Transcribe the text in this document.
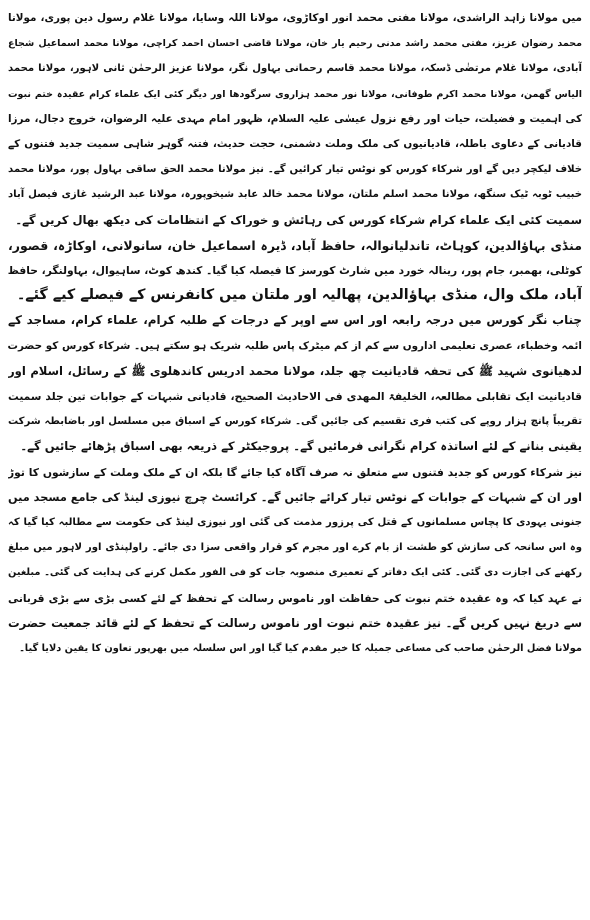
میں مولانا زاہد الراشدی، مولانا مفتی محمد انور اوکاڑوی، مولانا اللہ وسایا، مولانا غلام رسول دین پوری، مولانا
محمد رضوان عزیز، مفتی محمد راشد مدنی رحیم یار خان، مولانا قاضی احسان احمد کراچی، مولانا محمد اسماعیل شجاع
آبادی، مولانا غلام مرتضٰی ڈسکہ، مولانا محمد قاسم رحمانی بہاول نگر، مولانا عزیز الرحمٰن ثانی لاہور، مولانا محمد
الیاس گھمن، مولانا محمد اکرم طوفانی، مولانا نور محمد ہزاروی سرگودھا اور دیگر کئی ایک علماء کرام عقیدہ ختم نبوت
کی اہمیت و فضیلت، حیات اور رفع نزول عیسٰی علیہ السلام، ظہور امام مہدی علیہ الرضوان، خروج دجال، مرزا
قادیانی کے دعاوی باطلہ، قادیانیوں کی ملک وملت دشمنی، حجت حدیث، فتنہ گوہر شاہی سمیت جدید فتنوں کے
خلاف لیکچر دیں گے اور شرکاء کورس کو نوٹس تیار کرائیں گے۔ نیز مولانا محمد الحق ساقی بہاول پور، مولانا محمد
خبیب ٹوبہ ٹیک سنگھ، مولانا محمد اسلم ملتان، مولانا محمد خالد عابد شیخوپورہ، مولانا عبد الرشید غازی فیصل آباد
سمیت کئی ایک علماء کرام شرکاء کورس کی رہائش و خوراک کے انتظامات کی دیکھ بھال کریں گے۔
منڈی بہاؤالدین، کوہاٹ، تاندلیانوالہ، حافظ آباد، ڈیرہ اسماعیل خان، سانولانی، اوکاڑہ، قصور،
کوٹلی، بھمبر، جام پور، رینالہ خورد میں شارٹ کورسز کا فیصلہ کیا گیا۔ کندھ کوٹ، ساہیوال، بہاولنگر، حافظ
آباد، ملک وال، منڈی بہاؤالدین، پھالیہ اور ملتان میں کانفرنس کے فیصلے کیے گئے۔
چناب نگر کورس میں درجہ رابعہ اور اس سے اوپر کے درجات کے طلبہ کرام، علماء کرام، مساجد کے
ائمہ وخطباء، عصری تعلیمی اداروں سے کم از کم میٹرک پاس طلبہ شریک ہو سکتے ہیں۔ شرکاء کورس کو حضرت
لدھیانوی شہید ﷺ کی تحفہ قادیانیت چھ جلد، مولانا محمد ادریس کاندھلوی ﷺ کے رسائل، اسلام اور
قادیانیت ایک تقابلی مطالعہ، الخلیفۃ المھدی فی الاحادیث الصحیح، قادیانی شبہات کے جوابات تین جلد سمیت
تقریباً پانچ ہزار روپے کی کتب فری تقسیم کی جائیں گی۔ شرکاء کورس کے اسباق میں مسلسل اور باضابطہ شرکت
یقینی بنانے کے لئے اساتذہ کرام نگرانی فرمائیں گے۔ پروجیکٹر کے ذریعہ بھی اسباق پڑھائے جائیں گے۔
نیز شرکاء کورس کو جدید فتنوں سے متعلق نہ صرف آگاہ کیا جائے گا بلکہ ان کے ملک وملت کے سازشوں کا توڑ
اور ان کے شبہات کے جوابات کے نوٹس تیار کرائے جائیں گے۔ کرائسٹ چرچ نیوزی لینڈ کی جامع مسجد میں
جنونی یہودی کا پچاس مسلمانوں کے قتل کی پرزور مذمت کی گئی اور نیوزی لینڈ کی حکومت سے مطالبہ کیا گیا کہ
وہ اس سانحہ کی سازش کو طشت از بام کرے اور مجرم کو قرار واقعی سزا دی جائے۔ راولپنڈی اور لاہور میں مبلغ
رکھنے کی اجازت دی گئی۔ کئی ایک دفاتر کے تعمیری منصوبہ جات کو فی الفور مکمل کرنے کی ہدایت کی گئی۔ مبلغین
نے عہد کیا کہ وہ عقیدہ ختم نبوت کی حفاظت اور ناموس رسالت کے تحفظ کے لئے کسی بڑی سے بڑی قربانی
سے دریغ نہیں کریں گے۔ نیز عقیدہ ختم نبوت اور ناموس رسالت کے تحفظ کے لئے قائد جمعیت حضرت
مولانا فضل الرحمٰن صاحب کی مساعی جمیلہ کا خیر مقدم کیا گیا اور اس سلسلہ میں بھرپور تعاون کا یقین دلایا گیا۔
